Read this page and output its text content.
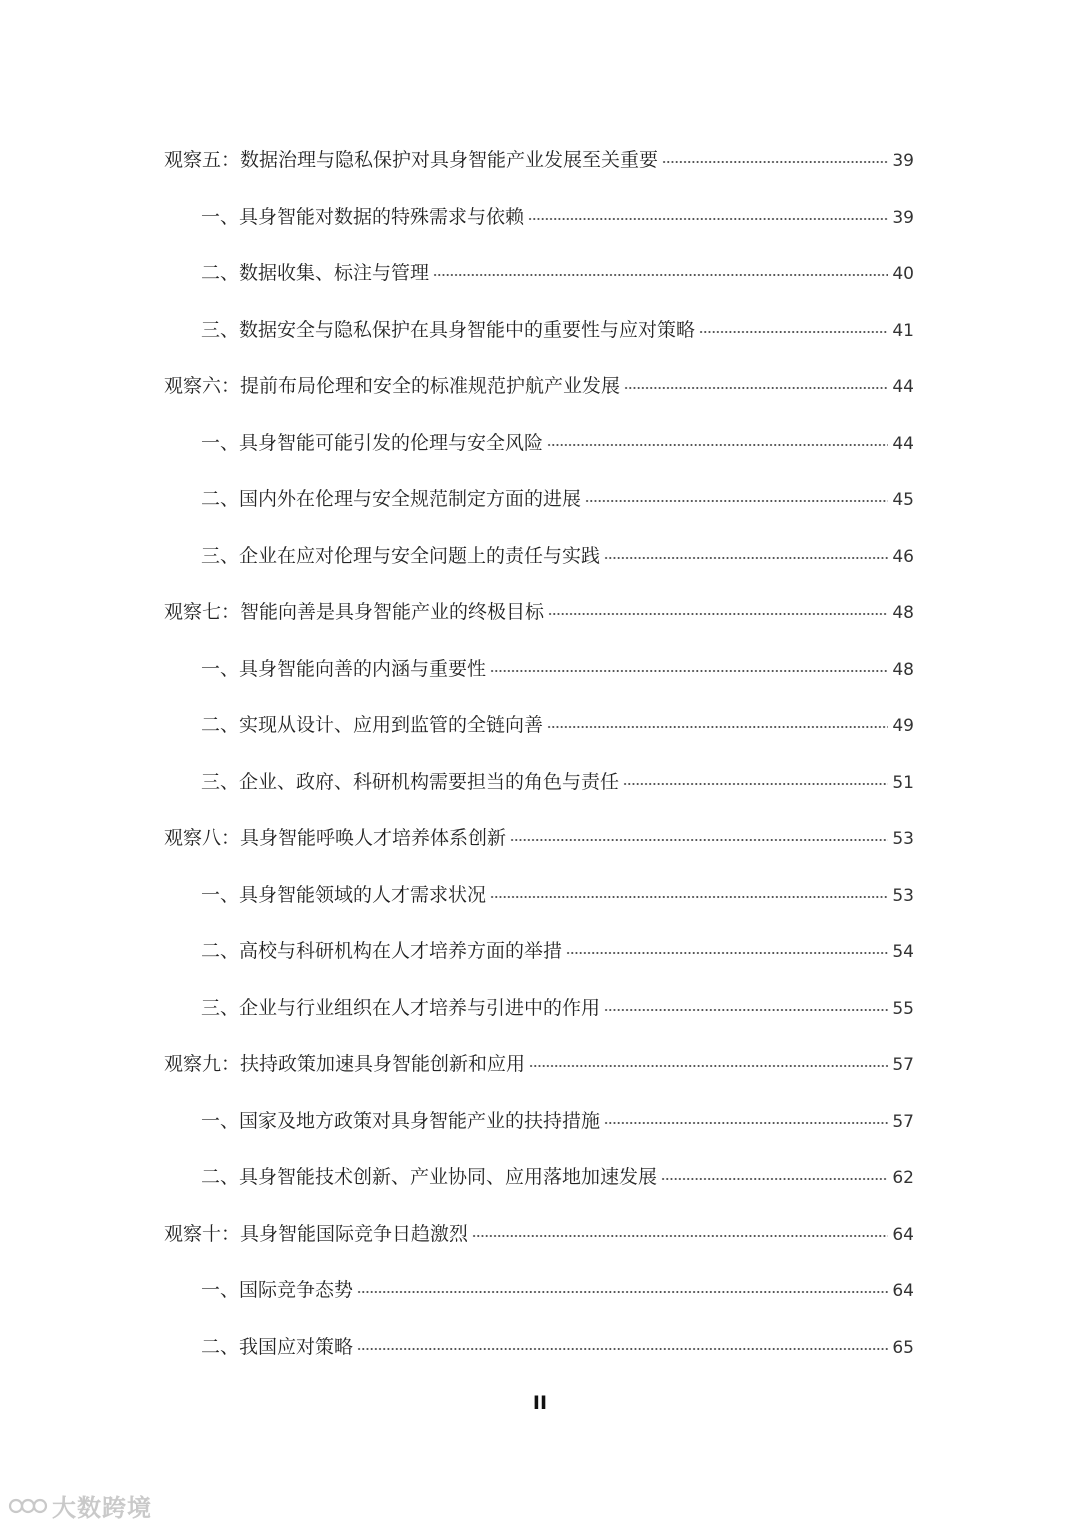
观察五：数据治理与隐私保护对具身智能产业发展至关重要	39
一、具身智能对数据的特殊需求与依赖	39
二、数据收集、标注与管理	40
三、数据安全与隐私保护在具身智能中的重要性与应对策略	41
观察六：提前布局伦理和安全的标准规范护航产业发展	44
一、具身智能可能引发的伦理与安全风险	44
二、国内外在伦理与安全规范制定方面的进展	45
三、企业在应对伦理与安全问题上的责任与实践	46
观察七：智能向善是具身智能产业的终极目标	48
一、具身智能向善的内涵与重要性	48
二、实现从设计、应用到监管的全链向善	49
三、企业、政府、科研机构需要担当的角色与责任	51
观察八：具身智能呼唤人才培养体系创新	53
一、具身智能领域的人才需求状况	53
二、高校与科研机构在人才培养方面的举措	54
三、企业与行业组织在人才培养与引进中的作用	55
观察九：扶持政策加速具身智能创新和应用	57
一、国家及地方政策对具身智能产业的扶持措施	57
二、具身智能技术创新、产业协同、应用落地加速发展	62
观察十：具身智能国际竞争日趋激烈	64
一、国际竞争态势	64
二、我国应对策略	65
II
大数跨境
